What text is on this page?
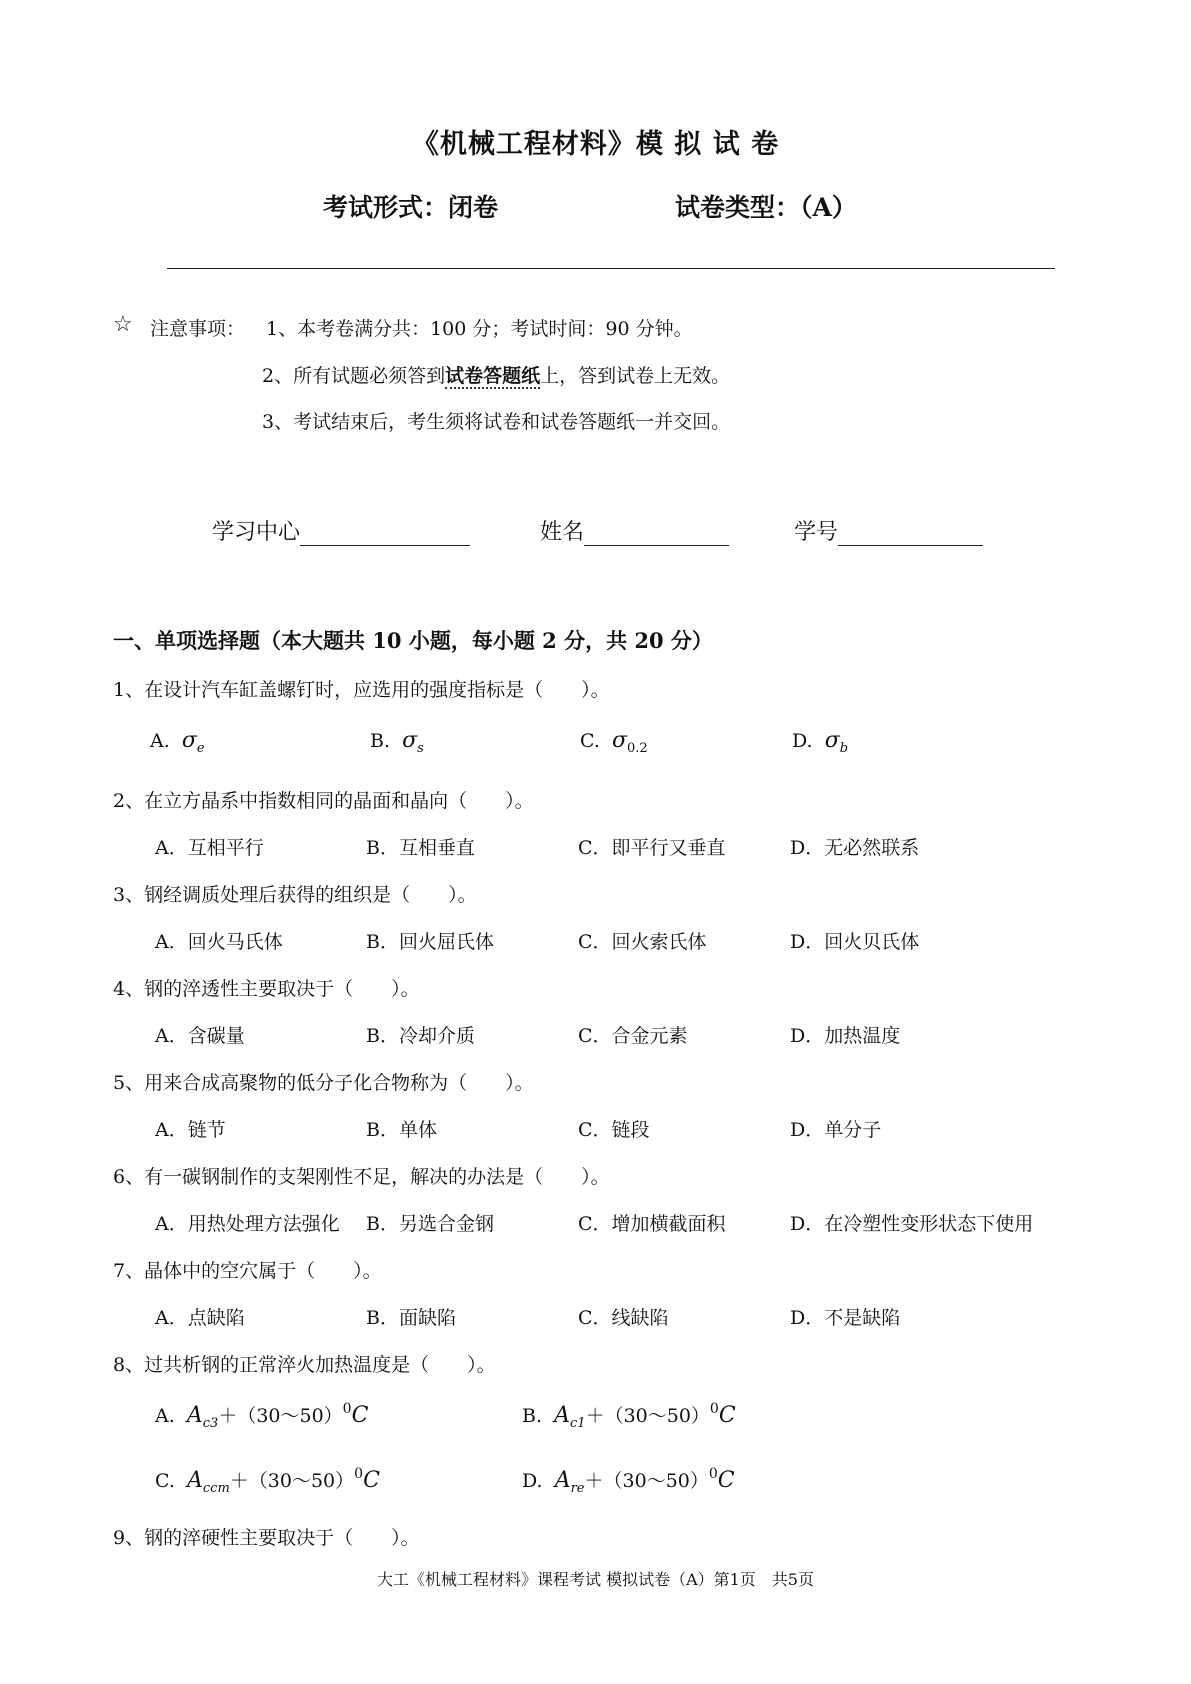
《机械工程材料》模 拟 试 卷
考试形式：闭卷	试卷类型：（A）
☆ 注意事项： 1、本考卷满分共：100 分；考试时间：90 分钟。
2、所有试题必须答到试卷答题纸上，答到试卷上无效。
3、考试结束后，考生须将试卷和试卷答题纸一并交回。
学习中心	姓名	学号
一、单项选择题（本大题共 10 小题，每小题 2 分，共 20 分）
1、在设计汽车缸盖螺钉时，应选用的强度指标是（　　）。
A. $\sigma_e$	B. $\sigma_s$	C. $\sigma_{0.2}$	D. $\sigma_b$
2、在立方晶系中指数相同的晶面和晶向（　　）。
A．互相平行	B．互相垂直	C．即平行又垂直	D．无必然联系
3、钢经调质处理后获得的组织是（　　）。
A．回火马氏体	B．回火屈氏体	C．回火索氏体	D．回火贝氏体
4、钢的淬透性主要取决于（　　）。
A．含碳量	B．冷却介质	C．合金元素	D．加热温度
5、用来合成高聚物的低分子化合物称为（　　）。
A．链节	B．单体	C．链段	D．单分子
6、有一碳钢制作的支架刚性不足，解决的办法是（　　）。
A．用热处理方法强化 B．另选合金钢	C．增加横截面积	D．在冷塑性变形状态下使用
7、晶体中的空穴属于（　　）。
A．点缺陷	B．面缺陷	C．线缺陷	D．不是缺陷
8、过共析钢的正常淬火加热温度是（　　）。
A. $A_{c3}+(30\sim 50)^0C$	B. $A_{c1}+(30\sim 50)^0C$
C. $A_{ccm}+(30\sim 50)^0C$	D. $A_{re}+(30\sim 50)^0C$
9、钢的淬硬性主要取决于（　　）。
大工《机械工程材料》课程考试 模拟试卷（A）第1页　共5页
